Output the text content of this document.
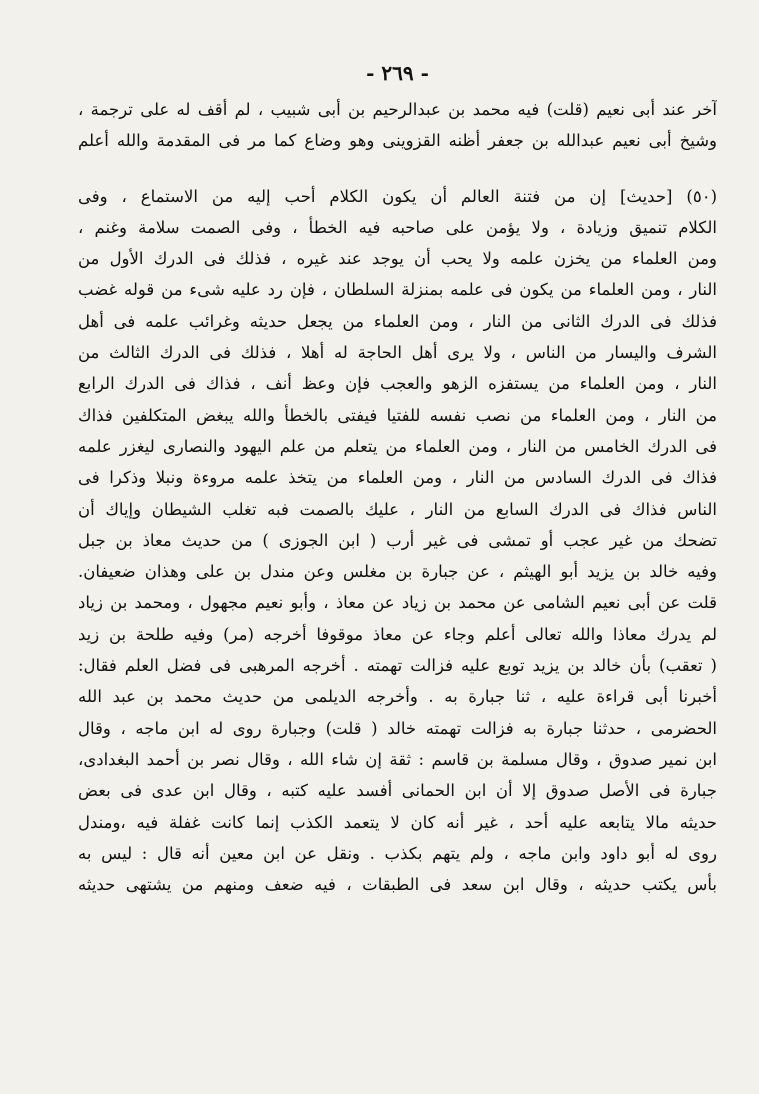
- ٢٦٩ -
آخر عند أبى نعيم (قلت) فيه محمد بن عبدالرحيم بن أبى شبيب ، لم أقف له على ترجمة ،
وشيخ أبى نعيم عبدالله بن جعفر أظنه القزوينى وهو وضاع كما مر فى المقدمة والله أعلم
(٥٠) [حديث] إن من فتنة العالم أن يكون الكلام أحب إليه من الاستماع ، وفى
الكلام تنميق وزيادة ، ولا يؤمن على صاحبه فيه الخطأ ، وفى الصمت سلامة وغنم ،
ومن العلماء من يخزن علمه ولا يحب أن يوجد عند غيره ، فذلك فى الدرك الأول من
النار ، ومن العلماء من يكون فى علمه بمنزلة السلطان ، فإن رد عليه شىء من قوله غضب
فذلك فى الدرك الثانى من النار ، ومن العلماء من يجعل حديثه وغرائب علمه فى أهل
الشرف واليسار من الناس ، ولا يرى أهل الحاجة له أهلا ، فذلك فى الدرك الثالث من
النار ، ومن العلماء من يستفزه الزهو والعجب فإن وعظ أنف ، فذاك فى الدرك الرابع
من النار ، ومن العلماء من نصب نفسه للفتيا فيفتى بالخطأ والله يبغض المتكلفين فذاك
فى الدرك الخامس من النار ، ومن العلماء من يتعلم من علم اليهود والنصارى ليغزر علمه
فذاك فى الدرك السادس من النار ، ومن العلماء من يتخذ علمه مروءة ونبلا وذكرا فى
الناس فذاك فى الدرك السابع من النار ، عليك بالصمت فبه تغلب الشيطان وإياك أن
تضحك من غير عجب أو تمشى فى غير أرب ( ابن الجوزى ) من حديث معاذ بن جبل
وفيه خالد بن يزيد أبو الهيثم ، عن جبارة بن مغلس وعن مندل بن على وهذان ضعيفان.
قلت عن أبى نعيم الشامى عن محمد بن زياد عن معاذ ، وأبو نعيم مجهول ، ومحمد بن زياد
لم يدرك معاذا والله تعالى أعلم وجاء عن معاذ موقوفا أخرجه (مر) وفيه طلحة بن زيد
( تعقب) بأن خالد بن يزيد توبع عليه فزالت تهمته . أخرجه المرهبى فى فضل العلم فقال:
أخبرنا أبى قراءة عليه ، ثنا جبارة به . وأخرجه الديلمى من حديث محمد بن عبد الله
الحضرمى ، حدثنا جبارة به فزالت تهمته خالد ( قلت) وجبارة روى له ابن ماجه ، وقال
ابن نمير صدوق ، وقال مسلمة بن قاسم : ثقة إن شاء الله ، وقال نصر بن أحمد البغدادى،
جبارة فى الأصل صدوق إلا أن ابن الحمانى أفسد عليه كتبه ، وقال ابن عدى فى بعض
حديثه مالا يتابعه عليه أحد ، غير أنه كان لا يتعمد الكذب إنما كانت غفلة فيه ،ومندل
روى له أبو داود وابن ماجه ، ولم يتهم بكذب . ونقل عن ابن معين أنه قال : ليس به
بأس يكتب حديثه ، وقال ابن سعد فى الطبقات ، فيه ضعف ومنهم من يشتهى حديثه
